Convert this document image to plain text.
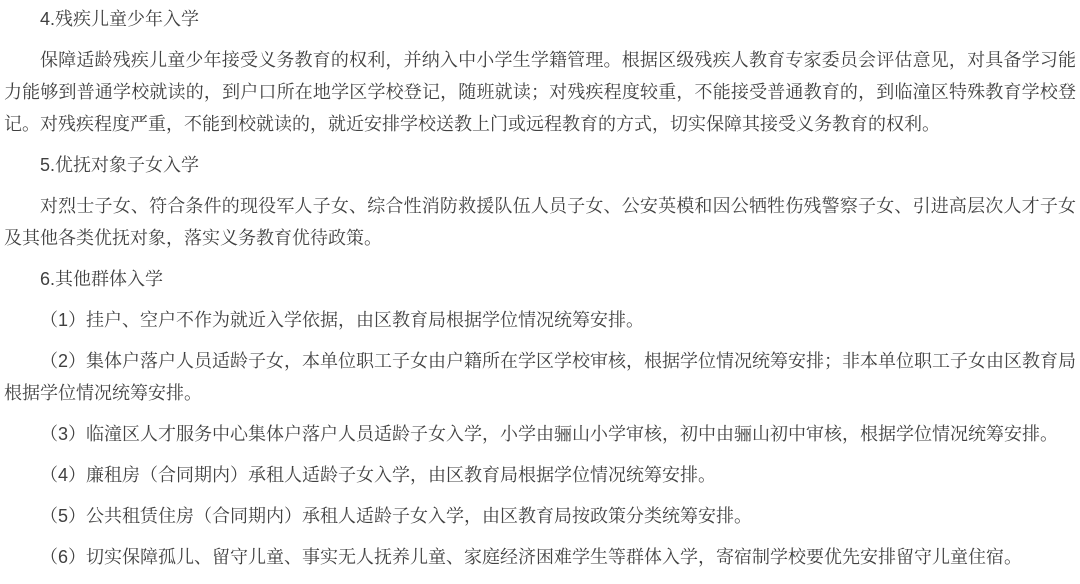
4.残疾儿童少年入学

保障适龄残疾儿童少年接受义务教育的权利，并纳入中小学生学籍管理。根据区级残疾人教育专家委员会评估意见，对具备学习能力能够到普通学校就读的，到户口所在地学区学校登记，随班就读；对残疾程度较重，不能接受普通教育的，到临潼区特殊教育学校登记。对残疾程度严重，不能到校就读的，就近安排学校送教上门或远程教育的方式，切实保障其接受义务教育的权利。

5.优抚对象子女入学

对烈士子女、符合条件的现役军人子女、综合性消防救援队伍人员子女、公安英模和因公牺牲伤残警察子女、引进高层次人才子女及其他各类优抚对象，落实义务教育优待政策。

6.其他群体入学

（1）挂户、空户不作为就近入学依据，由区教育局根据学位情况统筹安排。

（2）集体户落户人员适龄子女，本单位职工子女由户籍所在学区学校审核，根据学位情况统筹安排；非本单位职工子女由区教育局根据学位情况统筹安排。

（3）临潼区人才服务中心集体户落户人员适龄子女入学，小学由骊山小学审核，初中由骊山初中审核，根据学位情况统筹安排。

（4）廉租房（合同期内）承租人适龄子女入学，由区教育局根据学位情况统筹安排。

（5）公共租赁住房（合同期内）承租人适龄子女入学，由区教育局按政策分类统筹安排。

（6）切实保障孤儿、留守儿童、事实无人抚养儿童、家庭经济困难学生等群体入学，寄宿制学校要优先安排留守儿童住宿。
